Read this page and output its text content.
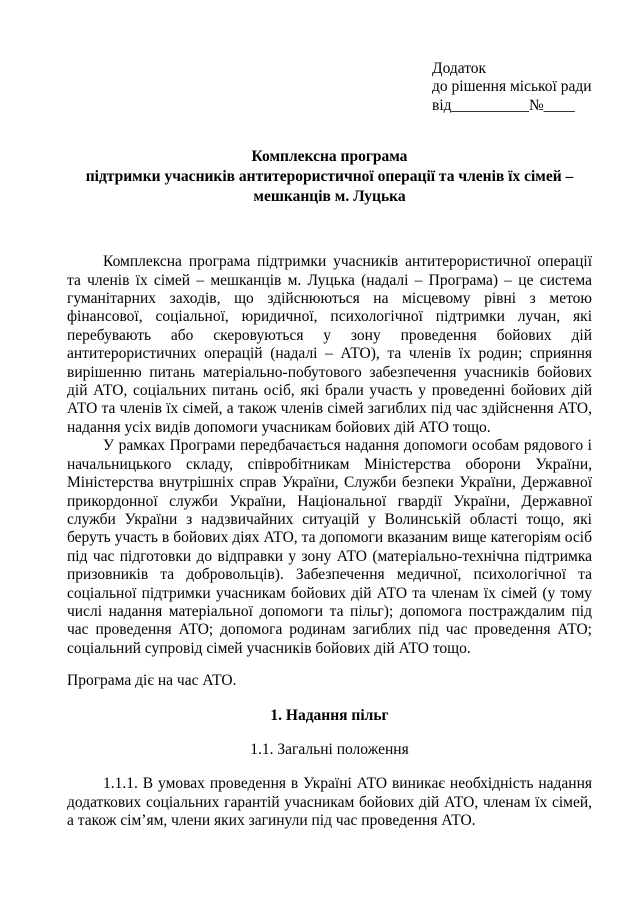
Додаток
до рішення міської ради
від__________№____
Комплексна програма
підтримки учасників антитерористичної операції та членів їх сімей –
мешканців м. Луцька
Комплексна програма підтримки учасників антитерористичної операції та членів їх сімей – мешканців м. Луцька (надалі – Програма) – це система гуманітарних заходів, що здійснюються на місцевому рівні з метою фінансової, соціальної, юридичної, психологічної підтримки лучан, які перебувають або скеровуються у зону проведення бойових дій антитерористичних операцій (надалі – АТО), та членів їх родин; сприяння вирішенню питань матеріально-побутового забезпечення учасників бойових дій АТО, соціальних питань осіб, які брали участь у проведенні бойових дій АТО та членів їх сімей, а також членів сімей загиблих під час здійснення АТО, надання усіх видів допомоги учасникам бойових дій АТО тощо.
У рамках Програми передбачається надання допомоги особам рядового і начальницького складу, співробітникам Міністерства оборони України, Міністерства внутрішніх справ України, Служби безпеки України, Державної прикордонної служби України, Національної гвардії України, Державної служби України з надзвичайних ситуацій у Волинській області тощо, які беруть участь в бойових діях АТО, та допомоги вказаним вище категоріям осіб під час підготовки до відправки у зону АТО (матеріально-технічна підтримка призовників та добровольців). Забезпечення медичної, психологічної та соціальної підтримки учасникам бойових дій АТО та членам їх сімей (у тому числі надання матеріальної допомоги та пільг); допомога постраждалим під час проведення АТО; допомога родинам загиблих під час проведення АТО; соціальний супровід сімей учасників бойових дій АТО тощо.
Програма діє на час АТО.
1. Надання пільг
1.1. Загальні положення
1.1.1. В умовах проведення в Україні АТО виникає необхідність надання додаткових соціальних гарантій учасникам бойових дій АТО, членам їх сімей, а також сім’ям, члени яких загинули під час проведення АТО.
